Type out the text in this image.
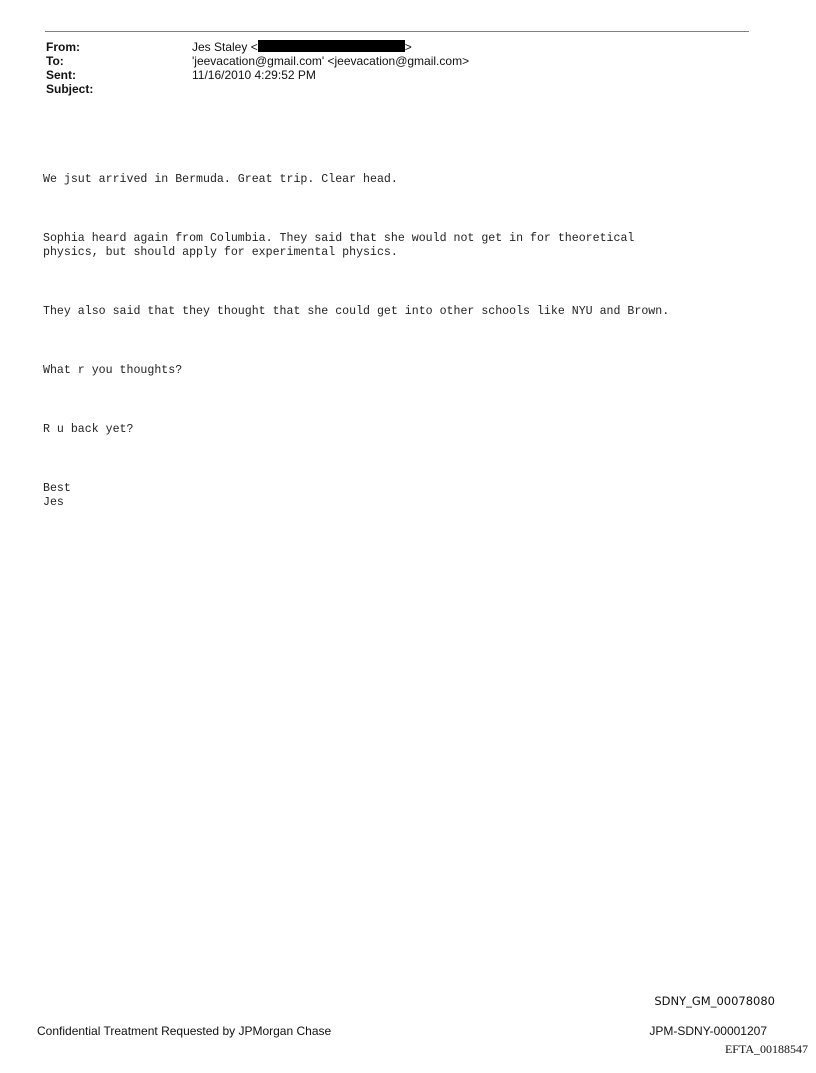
From:	Jes Staley <	>
To:	'jeevacation@gmail.com' <jeevacation@gmail.com>
Sent:	11/16/2010 4:29:52 PM
Subject:

We jsut arrived in Bermuda. Great trip. Clear head.

Sophia heard again from Columbia. They said that she would not get in for theoretical
physics, but should apply for experimental physics.

They also said that they thought that she could get into other schools like NYU and Brown.

What r you thoughts?

R u back yet?

Best
Jes

SDNY_GM_00078080
Confidential Treatment Requested by JPMorgan Chase	JPM-SDNY-00001207
EFTA_00188547
